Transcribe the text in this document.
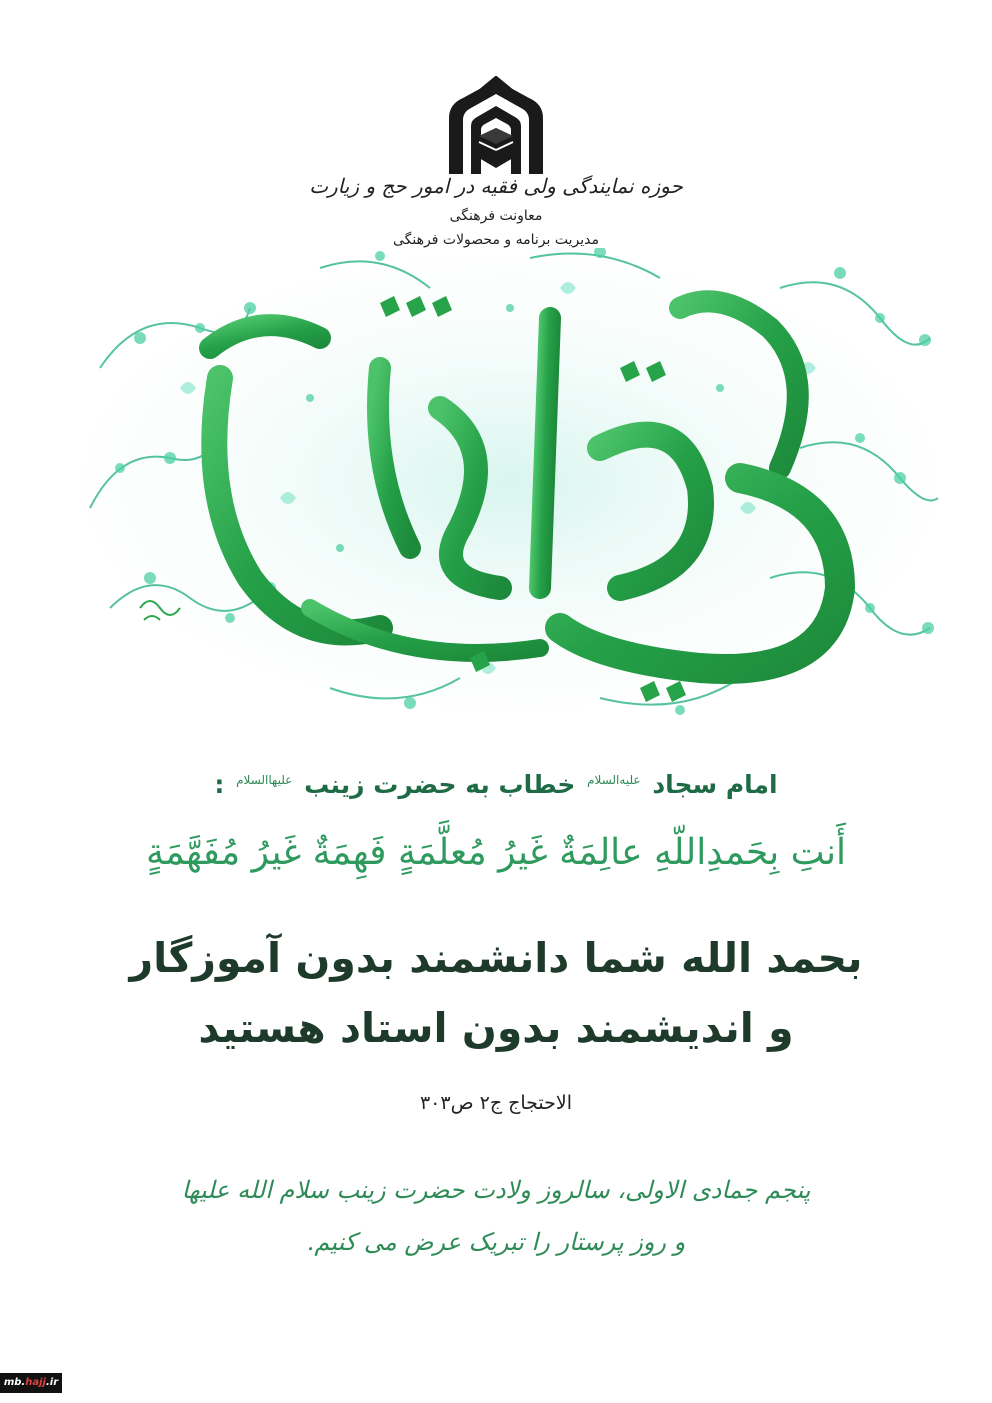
حوزه نمایندگی ولی فقیه در امور حج و زیارت
معاونت فرهنگی
مدیریت برنامه و محصولات فرهنگی
امام سجاد $^{علیه‌السلام}$ خطاب به حضرت زینب $^{علیها‌السلام}$ :
أَنتِ بِحَمدِاللّهِ عالِمَةٌ غَیرُ مُعلَّمَةٍ فَهِمَةٌ غَیرُ مُفَهَّمَةٍ
بحمد الله شما دانشمند بدون آموزگار
و اندیشمند بدون استاد هستید
الاحتجاج ج۲ ص۳۰۳
پنجم جمادی الاولی، سالروز ولادت حضرت زینب سلام الله علیها
و روز پرستار را تبریک عرض می کنیم.
mb.hajj.ir
